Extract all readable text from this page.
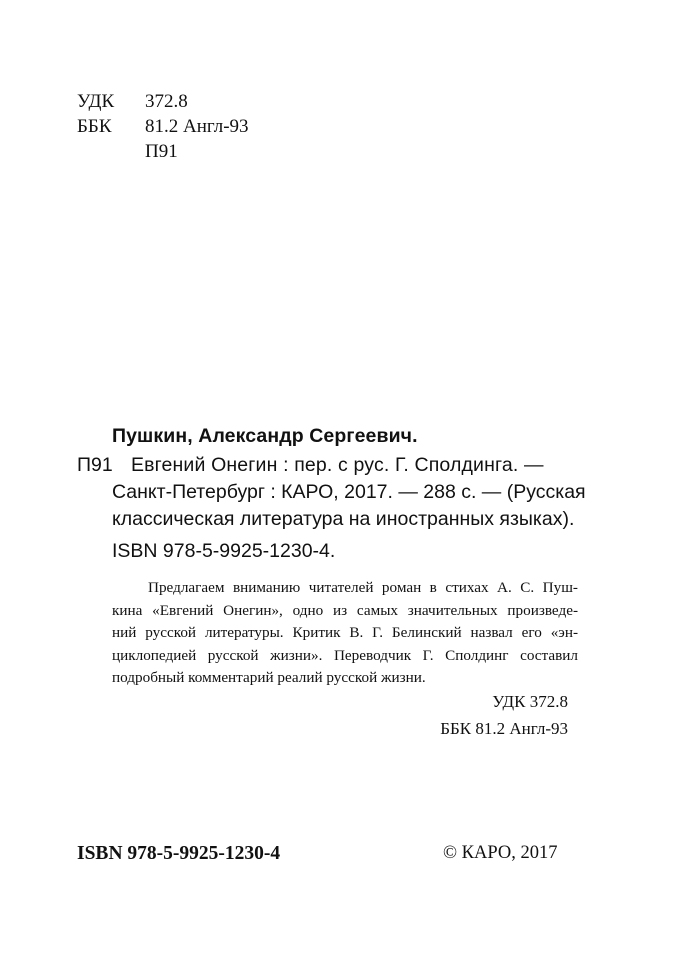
УДК 372.8
ББК 81.2 Англ-93
П91
Пушкин, Александр Сергеевич.
П91 Евгений Онегин : пер. с рус. Г. Сполдинга. —
Санкт-Петербург : КАРО, 2017. — 288 с. — (Русская
классическая литература на иностранных языках).
ISBN 978-5-9925-1230-4.
Предлагаем вниманию читателей роман в стихах А. С. Пуш-
кина «Евгений Онегин», одно из самых значительных произведе-
ний русской литературы. Критик В. Г. Белинский назвал его «эн-
циклопедией русской жизни». Переводчик Г. Сполдинг составил
подробный комментарий реалий русской жизни.
УДК 372.8
ББК 81.2 Англ-93
ISBN 978-5-9925-1230-4	© КАРО, 2017
